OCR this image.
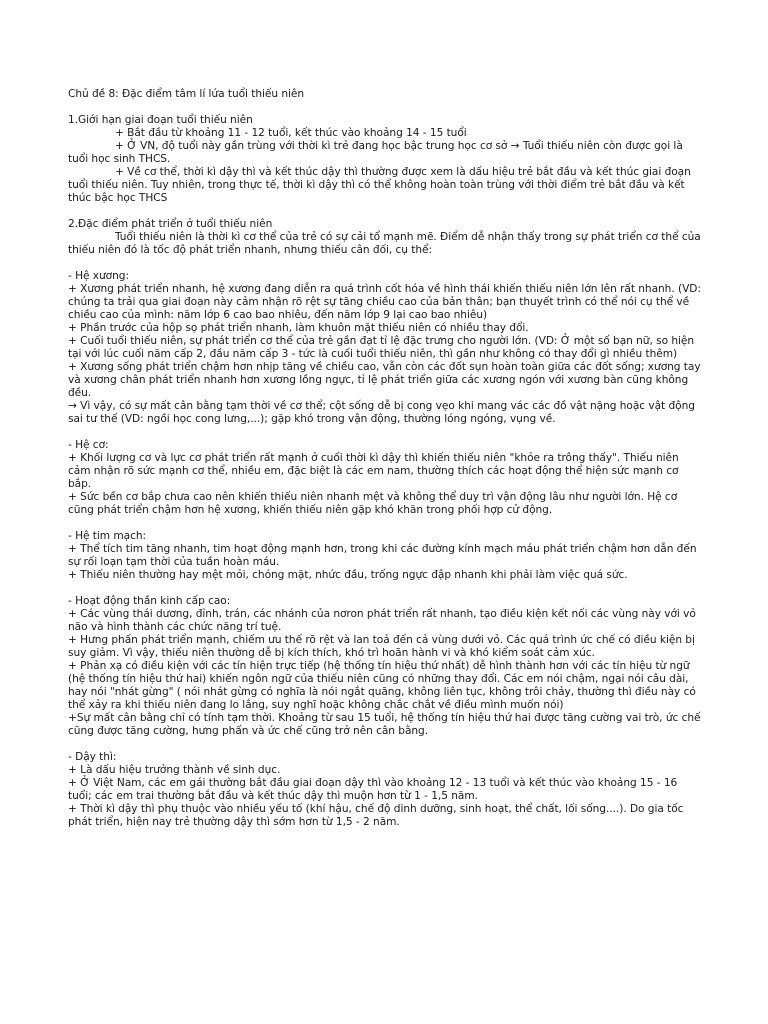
Chủ đề 8: Đặc điểm tâm lí lứa tuổi thiếu niên

1.Giới hạn giai đoạn tuổi thiếu niên

+ Bắt đầu từ khoảng 11 - 12 tuổi, kết thúc vào khoảng 14 - 15 tuổi

+ Ở VN, độ tuổi này gần trùng với thời kì trẻ đang học bậc trung học cơ sở → Tuổi thiếu niên còn được gọi là tuổi học sinh THCS.

+ Về cơ thể, thời kì dậy thì và kết thúc dậy thì thường được xem là dấu hiệu trẻ bắt đầu và kết thúc giai đoạn tuổi thiếu niên. Tuy nhiên, trong thực tế, thời kì dậy thì có thể không hoàn toàn trùng với thời điểm trẻ bắt đầu và kết thúc bậc học THCS

2.Đặc điểm phát triển ở tuổi thiếu niên

Tuổi thiếu niên là thời kì cơ thể của trẻ có sự cải tổ mạnh mẽ. Điểm dễ nhận thấy trong sự phát triển cơ thể của thiếu niên đó là tốc độ phát triển nhanh, nhưng thiếu cân đối, cụ thể:

- Hệ xương:

+ Xương phát triển nhanh, hệ xương đang diễn ra quá trình cốt hóa về hình thái khiến thiếu niên lớn lên rất nhanh. (VD: chúng ta trải qua giai đoạn này cảm nhận rõ rệt sự tăng chiều cao của bản thân; bạn thuyết trình có thể nói cụ thể về chiều cao của mình: năm lớp 6 cao bao nhiêu, đến năm lớp 9 lại cao bao nhiêu)

+ Phần trước của hộp sọ phát triển nhanh, làm khuôn mặt thiếu niên có nhiều thay đổi.

+ Cuối tuổi thiếu niên, sự phát triển cơ thể của trẻ gần đạt tỉ lệ đặc trưng cho người lớn. (VD: Ở một số bạn nữ, so hiện tại với lúc cuối năm cấp 2, đầu năm cấp 3 - tức là cuối tuổi thiếu niên, thì gần như không có thay đổi gì nhiều thêm)

+ Xương sống phát triển chậm hơn nhịp tăng về chiều cao, vẫn còn các đốt sụn hoàn toàn giữa các đốt sống; xương tay và xương chân phát triển nhanh hơn xương lồng ngực, tỉ lệ phát triển giữa các xương ngón với xương bàn cũng không đều.

→ Vì vậy, có sự mất cân bằng tạm thời về cơ thể; cột sống dễ bị cong vẹo khi mang vác các đồ vật nặng hoặc vật động sai tư thế (VD: ngồi học cong lưng,...); gặp khó trong vận động, thường lóng ngóng, vụng về.

- Hệ cơ:

+ Khối lượng cơ và lực cơ phát triển rất mạnh ở cuối thời kì dậy thì khiến thiếu niên "khỏe ra trông thấy". Thiếu niên cảm nhận rõ sức mạnh cơ thể, nhiều em, đặc biệt là các em nam, thường thích các hoạt động thể hiện sức mạnh cơ bắp.

+ Sức bền cơ bắp chưa cao nên khiến thiếu niên nhanh mệt và không thể duy trì vận động lâu như người lớn. Hệ cơ cũng phát triển chậm hơn hệ xương, khiến thiếu niên gặp khó khăn trong phối hợp cử động.

- Hệ tim mạch:

+ Thể tích tim tăng nhanh, tim hoạt động mạnh hơn, trong khi các đường kính mạch máu phát triển chậm hơn dẫn đến sự rối loạn tạm thời của tuần hoàn máu.

+ Thiếu niên thường hay mệt mỏi, chóng mặt, nhức đầu, trống ngực đập nhanh khi phải làm việc quá sức.

- Hoạt động thần kinh cấp cao:

+ Các vùng thái dương, đỉnh, trán, các nhánh của nơron phát triển rất nhanh, tạo điều kiện kết nối các vùng này với vỏ não và hình thành các chức năng trí tuệ.

+ Hưng phấn phát triển mạnh, chiếm ưu thế rõ rệt và lan toả đến cả vùng dưới vỏ. Các quá trình ức chế có điều kiện bị suy giảm. Vì vậy, thiếu niên thường dễ bị kích thích, khó trì hoãn hành vi và khó kiểm soát cảm xúc.

+ Phản xạ có điều kiện với các tín hiện trực tiếp (hệ thống tín hiệu thứ nhất) dễ hình thành hơn với các tín hiệu từ ngữ (hệ thống tín hiệu thứ hai) khiến ngôn ngữ của thiếu niên cũng có những thay đổi. Các em nói chậm, ngại nói câu dài, hay nói "nhát gừng" ( nói nhát gừng có nghĩa là nói ngắt quãng, không liên tục, không trôi chảy, thường thì điều này có thể xảy ra khi thiếu niên đang lo lắng, suy nghĩ hoặc không chắc chắt về điều mình muốn nói)

+Sự mất cân bằng chỉ có tính tạm thời. Khoảng từ sau 15 tuổi, hệ thống tín hiệu thứ hai được tăng cường vai trò, ức chế cũng được tăng cường, hưng phấn và ức chế cũng trở nên cân bằng.

- Dậy thì:

+ Là dấu hiệu trưởng thành về sinh dục.

+ Ở Việt Nam, các em gái thường bắt đầu giai đoạn dậy thì vào khoảng 12 - 13 tuổi và kết thúc vào khoảng 15 - 16 tuổi; các em trai thường bắt đầu và kết thúc dậy thì muộn hơn từ 1 - 1,5 năm.

+ Thời kì dậy thì phụ thuộc vào nhiều yếu tố (khí hậu, chế độ dinh dưỡng, sinh hoạt, thể chất, lối sống....). Do gia tốc phát triển, hiện nay trẻ thường dậy thì sớm hơn từ 1,5 - 2 năm.
